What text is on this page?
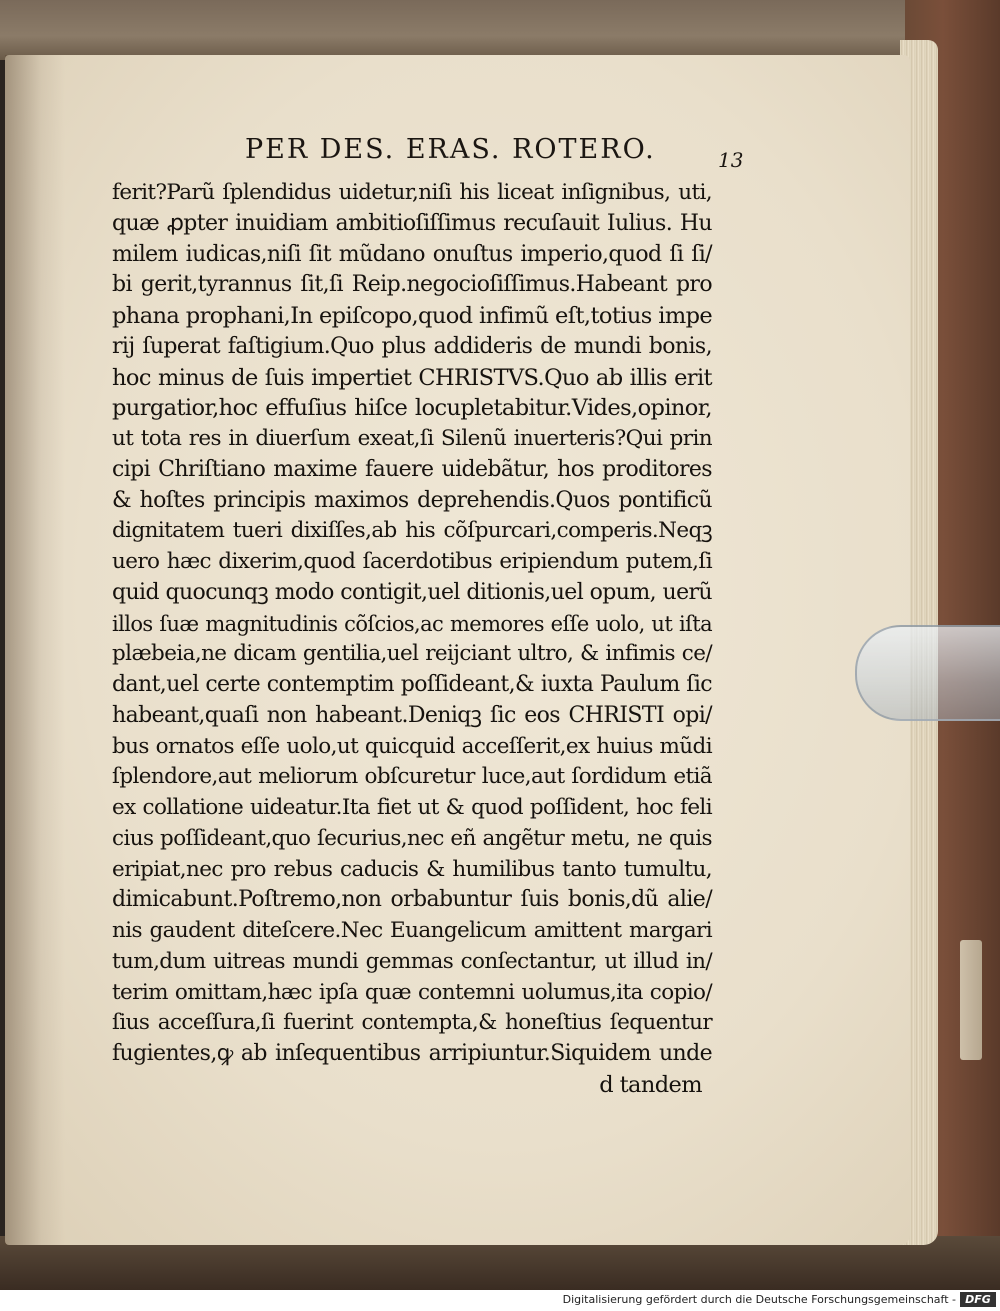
PER DES. ERAS. ROTERO.	13
ferit?Parũ ſplendidus uidetur,niſi his liceat inſignibus, uti,
quæ ꝓpter inuidiam ambitioſiſſimus recuſauit Iulius. Hu
milem iudicas,niſi ſit mũdano onuſtus imperio,quod ſi ſi/
bi gerit,tyrannus ſit,ſi Reip.negocioſiſſimus.Habeant pro
phana prophani,In epiſcopo,quod infimũ eſt,totius impe
rij ſuperat faſtigium.Quo plus addideris de mundi bonis,
hoc minus de ſuis impertiet CHRISTVS.Quo ab illis erit
purgatior,hoc effuſius hiſce locupletabitur.Vides,opinor,
ut tota res in diuerſum exeat,ſi Silenũ inuerteris?Qui prin
cipi Chriſtiano maxime fauere uidebãtur, hos proditores
& hoſtes principis maximos deprehendis.Quos pontificũ
dignitatem tueri dixiſſes,ab his cõſpurcari,comperis.Neqꝫ
uero hæc dixerim,quod ſacerdotibus eripiendum putem,ſi
quid quocunqꝫ modo contigit,uel ditionis,uel opum, uerũ
illos ſuæ magnitudinis cõſcios,ac memores eſſe uolo, ut iſta
plæbeia,ne dicam gentilia,uel reijciant ultro, & infimis ce/
dant,uel certe contemptim poſſideant,& iuxta Paulum ſic
habeant,quaſi non habeant.Deniqꝫ ſic eos CHRISTI opi/
bus ornatos eſſe uolo,ut quicquid acceſſerit,ex huius mũdi
ſplendore,aut meliorum obſcuretur luce,aut ſordidum etiã
ex collatione uideatur.Ita fiet ut & quod poſſident, hoc feli
cius poſſideant,quo ſecurius,nec eñ angẽtur metu, ne quis
eripiat,nec pro rebus caducis & humilibus tanto tumultu,
dimicabunt.Poſtremo,non orbabuntur ſuis bonis,dũ alie/
nis gaudent diteſcere.Nec Euangelicum amittent margari
tum,dum uitreas mundi gemmas conſectantur, ut illud in/
terim omittam,hæc ipſa quæ contemni uolumus,ita copio/
ſius acceſſura,ſi fuerint contempta,& honeſtius ſequentur
fugientes,ꝙ ab inſequentibus arripiuntur.Siquidem unde
d tandem
Digitalisierung gefördert durch die Deutsche Forschungsgemeinschaft - DFG
